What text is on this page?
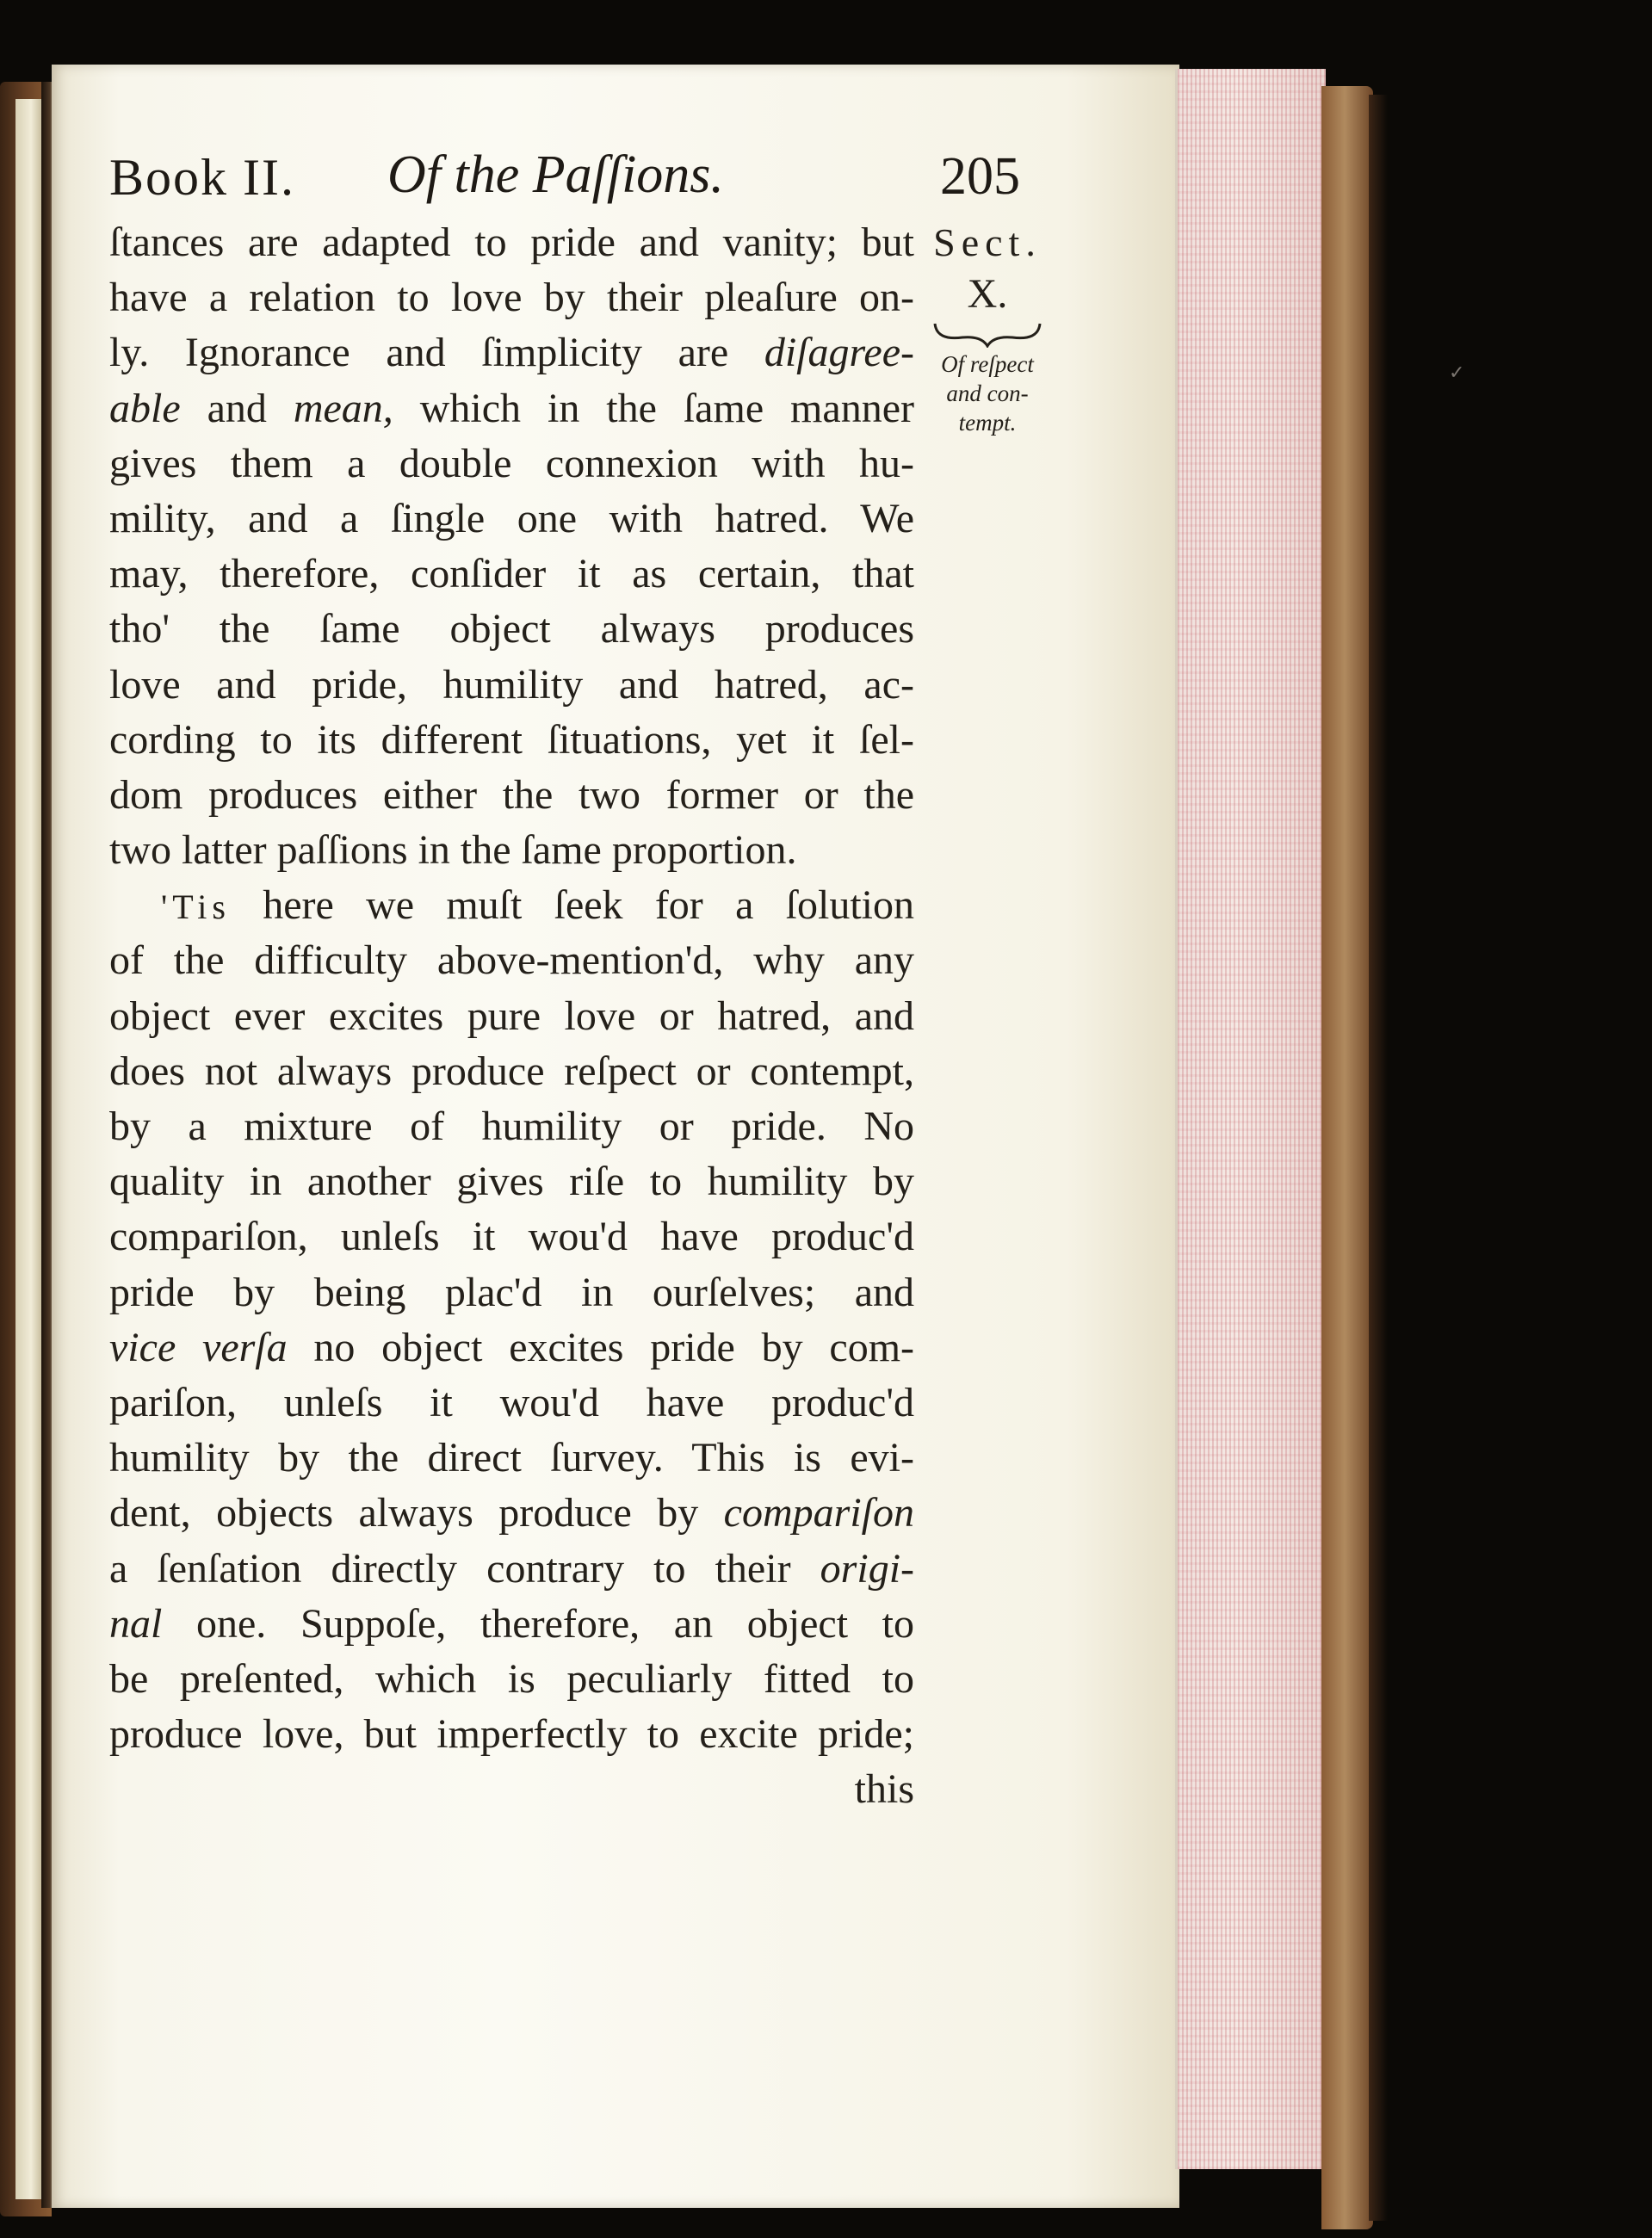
✓
Book II. Of the Paſſions.	205
Sect.
X.
Of reſpect
and con-
tempt.
ſtances are adapted to pride and vanity; but
have a relation to love by their pleaſure on-
ly. Ignorance and ſimplicity are diſagree-
able and mean, which in the ſame manner
gives them a double connexion with hu-
mility, and a ſingle one with hatred. We
may, therefore, conſider it as certain, that
tho' the ſame object always produces
love and pride, humility and hatred, ac-
cording to its different ſituations, yet it ſel-
dom produces either the two former or the
two latter paſſions in the ſame proportion.
'Tis here we muſt ſeek for a ſolution
of the difficulty above-mention'd, why any
object ever excites pure love or hatred, and
does not always produce reſpect or contempt,
by a mixture of humility or pride. No
quality in another gives riſe to humility by
compariſon, unleſs it wou'd have produc'd
pride by being plac'd in ourſelves; and
vice verſa no object excites pride by com-
pariſon, unleſs it wou'd have produc'd
humility by the direct ſurvey. This is evi-
dent, objects always produce by compariſon
a ſenſation directly contrary to their origi-
nal one. Suppoſe, therefore, an object to
be preſented, which is peculiarly fitted to
produce love, but imperfectly to excite pride;
this
